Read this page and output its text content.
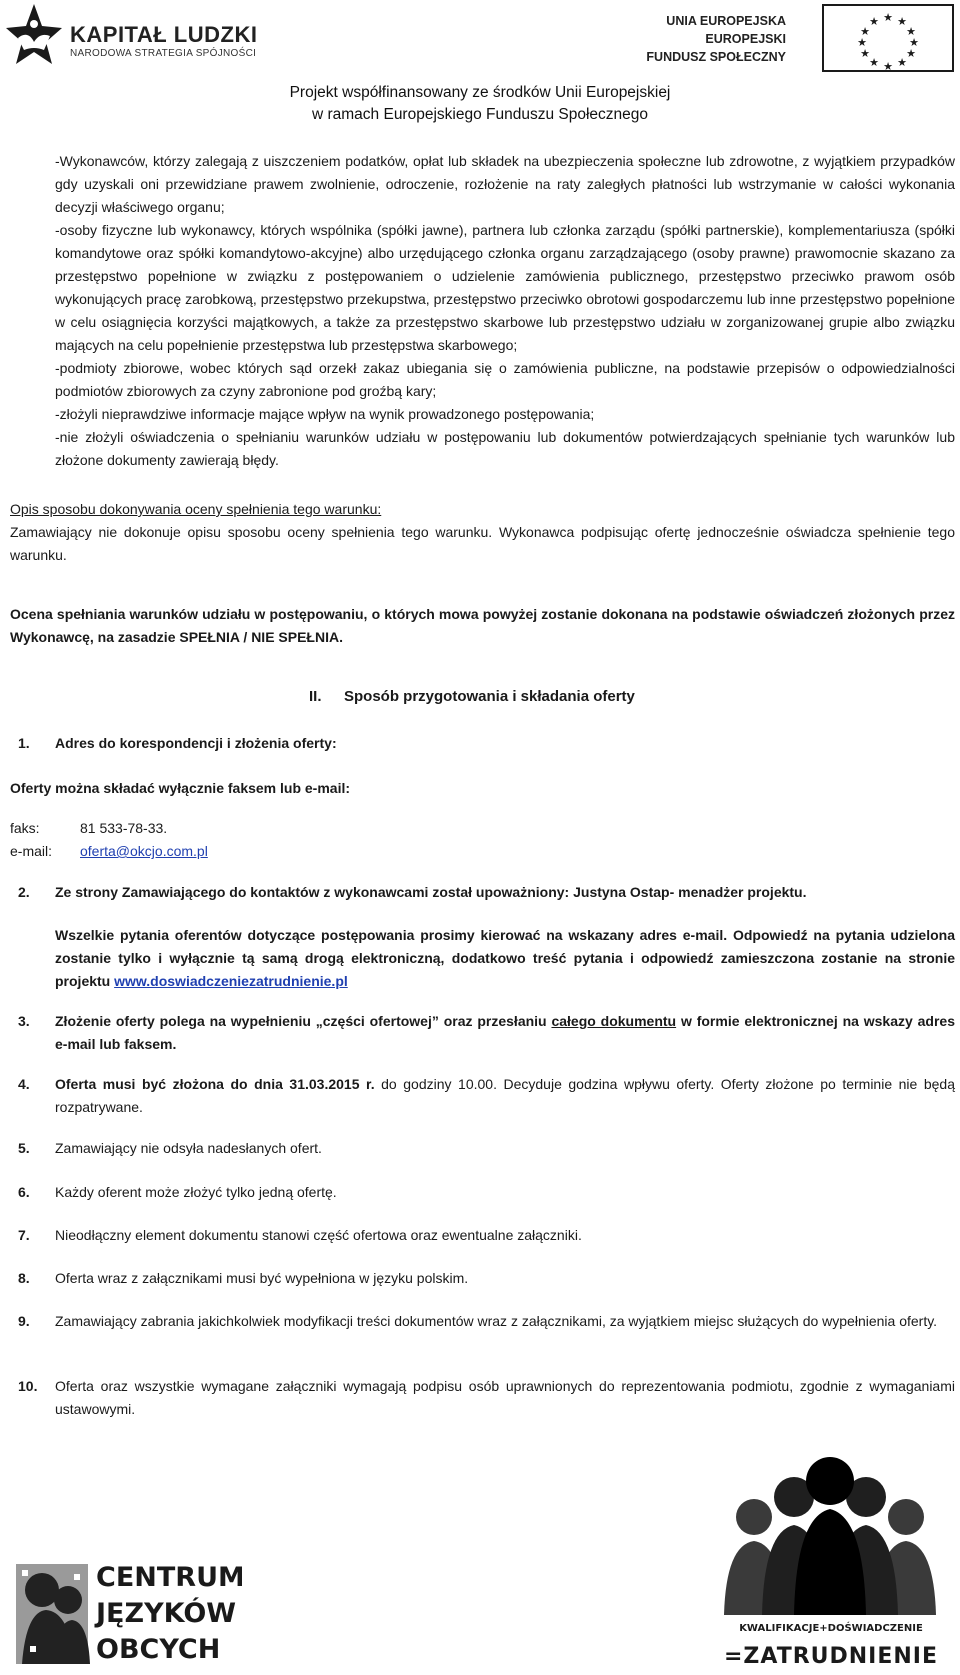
KAPITAŁ LUDZKI
NARODOWA STRATEGIA SPÓJNOŚCI
UNIA EUROPEJSKA
EUROPEJSKI
FUNDUSZ SPOŁECZNY
★ ★
★
★
★
★
★
★
★
★
★
★
Projekt współfinansowany ze środków Unii Europejskiej
w ramach Europejskiego Funduszu Społecznego

-Wykonawców, którzy zalegają z uiszczeniem podatków, opłat lub składek na ubezpieczenia społeczne lub zdrowotne, z wyjątkiem przypadków gdy uzyskali oni przewidziane prawem zwolnienie, odroczenie, rozłożenie na raty zaległych płatności lub wstrzymanie w całości wykonania decyzji właściwego organu;

-osoby fizyczne lub wykonawcy, których wspólnika (spółki jawne), partnera lub członka zarządu (spółki partnerskie), komplementariusza (spółki komandytowe oraz spółki komandytowo-akcyjne) albo urzędującego członka organu zarządzającego (osoby prawne) prawomocnie skazano za przestępstwo popełnione w związku z postępowaniem o udzielenie zamówienia publicznego, przestępstwo przeciwko prawom osób wykonujących pracę zarobkową, przestępstwo przekupstwa, przestępstwo przeciwko obrotowi gospodarczemu lub inne przestępstwo popełnione w celu osiągnięcia korzyści majątkowych, a także za przestępstwo skarbowe lub przestępstwo udziału w zorganizowanej grupie albo związku mających na celu popełnienie przestępstwa lub przestępstwa skarbowego;

-podmioty zbiorowe, wobec których sąd orzekł zakaz ubiegania się o zamówienia publiczne, na podstawie przepisów o odpowiedzialności podmiotów zbiorowych za czyny zabronione pod groźbą kary;

-złożyli nieprawdziwe informacje mające wpływ na wynik prowadzonego postępowania;

-nie złożyli oświadczenia o spełnianiu warunków udziału w postępowaniu lub dokumentów potwierdzających spełnianie tych warunków lub złożone dokumenty zawierają błędy.

Opis sposobu dokonywania oceny spełnienia tego warunku:
Zamawiający nie dokonuje opisu sposobu oceny spełnienia tego warunku. Wykonawca podpisując ofertę jednocześnie oświadcza spełnienie tego warunku.
Ocena spełniania warunków udziału w postępowaniu, o których mowa powyżej zostanie dokonana na podstawie oświadczeń złożonych przez Wykonawcę, na zasadzie SPEŁNIA / NIE SPEŁNIA.
II.	Sposób przygotowania i składania oferty
1.	Adres do korespondencji i złożenia oferty:
Oferty można składać wyłącznie faksem lub e-mail:
faks:	81 533-78-33.
e-mail: oferta@okcjo.com.pl
2.	Ze strony Zamawiającego do kontaktów z wykonawcami został upoważniony: Justyna Ostap- menadżer projektu.
Wszelkie pytania oferentów dotyczące postępowania prosimy kierować na wskazany adres e-mail. Odpowiedź na pytania udzielona zostanie tylko i wyłącznie tą samą drogą elektroniczną, dodatkowo treść pytania i odpowiedź zamieszczona zostanie na stronie projektu www.doswiadczeniezatrudnienie.pl
3.	Złożenie oferty polega na wypełnieniu „części ofertowej” oraz przesłaniu całego dokumentu w formie elektronicznej na wskazy adres e-mail lub faksem.
4.	Oferta musi być złożona do dnia 31.03.2015 r. do godziny 10.00. Decyduje godzina wpływu oferty. Oferty złożone po terminie nie będą rozpatrywane.
5.	Zamawiający nie odsyła nadesłanych ofert.
6.	Każdy oferent może złożyć tylko jedną ofertę.
7.	Nieodłączny element dokumentu stanowi część ofertowa oraz ewentualne załączniki.
8.	Oferta wraz z załącznikami musi być wypełniona w języku polskim.
9.	Zamawiający zabrania jakichkolwiek modyfikacji treści dokumentów wraz z załącznikami, za wyjątkiem miejsc służących do wypełnienia oferty.
10.	Oferta oraz wszystkie wymagane załączniki wymagają podpisu osób uprawnionych do reprezentowania podmiotu, zgodnie z wymaganiami ustawowymi.
CENTRUM
JĘZYKÓW
OBCYCH
KWALIFIKACJE+DOŚWIADCZENIE
=ZATRUDNIENIE
